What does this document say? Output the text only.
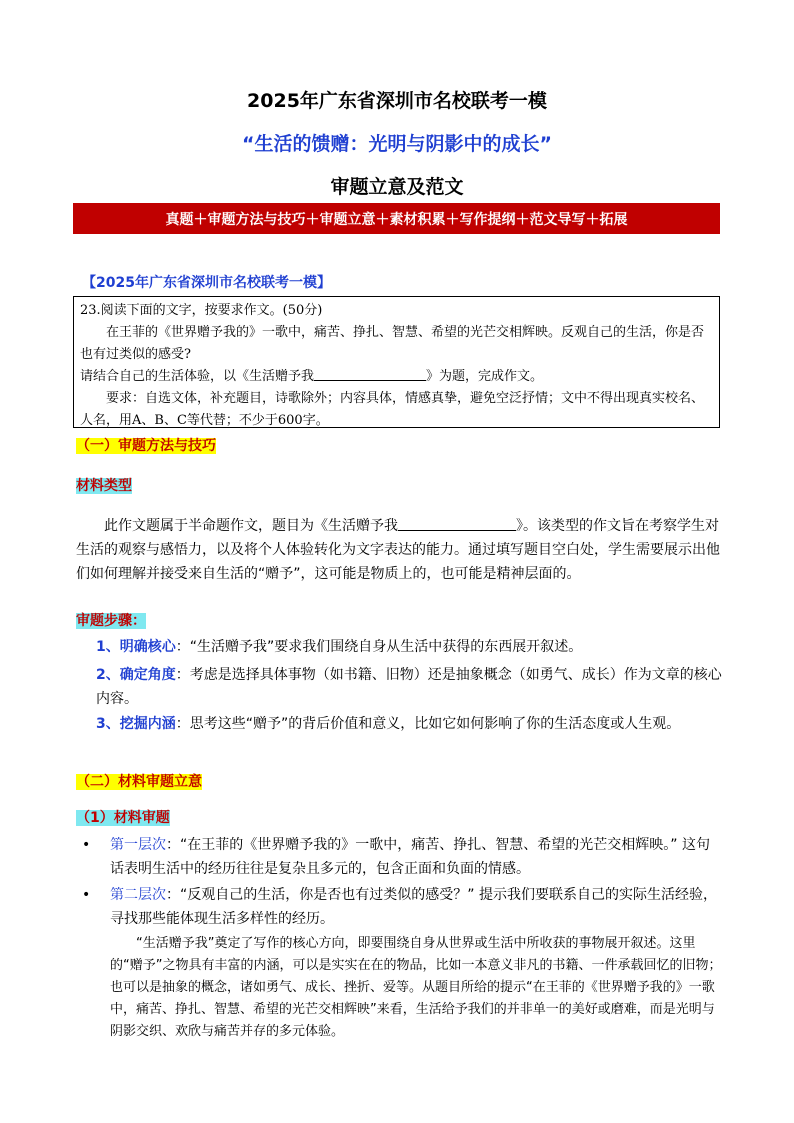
2025年广东省深圳市名校联考一模
“生活的馈赠：光明与阴影中的成长”
审题立意及范文
真题＋审题方法与技巧＋审题立意＋素材积累＋写作提纲＋范文导写＋拓展
【2025年广东省深圳市名校联考一模】

23.阅读下面的文字，按要求作文。(50分)

在王菲的《世界赠予我的》一歌中，痛苦、挣扎、智慧、希望的光芒交相辉映。反观自己的生活，你是否也有过类似的感受?

请结合自己的生活体验，以《生活赠予我	》为题，完成作文。

要求：自选文体，补充题目，诗歌除外；内容具体，情感真挚，避免空泛抒情；文中不得出现真实校名、人名，用A、B、C等代替；不少于600字。

（一）审题方法与技巧
材料类型
此作文题属于半命题作文，题目为《生活赠予我	》。该类型的作文旨在考察学生对生活的观察与感悟力，以及将个人体验转化为文字表达的能力。通过填写题目空白处，学生需要展示出他们如何理解并接受来自生活的“赠予”，这可能是物质上的，也可能是精神层面的。
审题步骤：
1、明确核心：“生活赠予我”要求我们围绕自身从生活中获得的东西展开叙述。
2、确定角度：考虑是选择具体事物（如书籍、旧物）还是抽象概念（如勇气、成长）作为文章的核心内容。
3、挖掘内涵：思考这些“赠予”的背后价值和意义，比如它如何影响了你的生活态度或人生观。
（二）材料审题立意
（1）材料审题
• 第一层次：“在王菲的《世界赠予我的》一歌中，痛苦、挣扎、智慧、希望的光芒交相辉映。” 这句话表明生活中的经历往往是复杂且多元的，包含正面和负面的情感。
• 第二层次：“反观自己的生活，你是否也有过类似的感受？” 提示我们要联系自己的实际生活经验，寻找那些能体现生活多样性的经历。
“生活赠予我”奠定了写作的核心方向，即要围绕自身从世界或生活中所收获的事物展开叙述。这里的“赠予”之物具有丰富的内涵，可以是实实在在的物品，比如一本意义非凡的书籍、一件承载回忆的旧物；也可以是抽象的概念，诸如勇气、成长、挫折、爱等。从题目所给的提示“在王菲的《世界赠予我的》一歌中，痛苦、挣扎、智慧、希望的光芒交相辉映”来看，生活给予我们的并非单一的美好或磨难，而是光明与阴影交织、欢欣与痛苦并存的多元体验。
